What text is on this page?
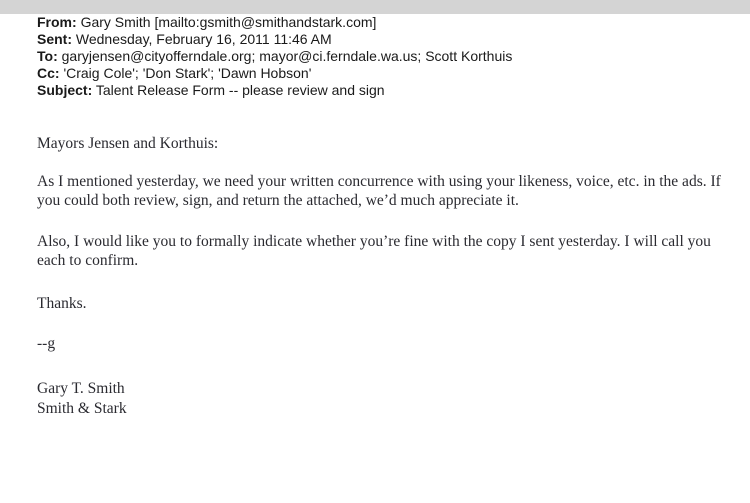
From: Gary Smith [mailto:gsmith@smithandstark.com]
Sent: Wednesday, February 16, 2011 11:46 AM
To: garyjensen@cityofferndale.org; mayor@ci.ferndale.wa.us; Scott Korthuis
Cc: 'Craig Cole'; 'Don Stark'; 'Dawn Hobson'
Subject: Talent Release Form -- please review and sign

Mayors Jensen and Korthuis:

As I mentioned yesterday, we need your written concurrence with using your likeness, voice, etc. in the ads. If you could both review, sign, and return the attached, we’d much appreciate it.

Also, I would like you to formally indicate whether you’re fine with the copy I sent yesterday. I will call you each to confirm.

Thanks.

--g

Gary T. Smith

Smith & Stark
